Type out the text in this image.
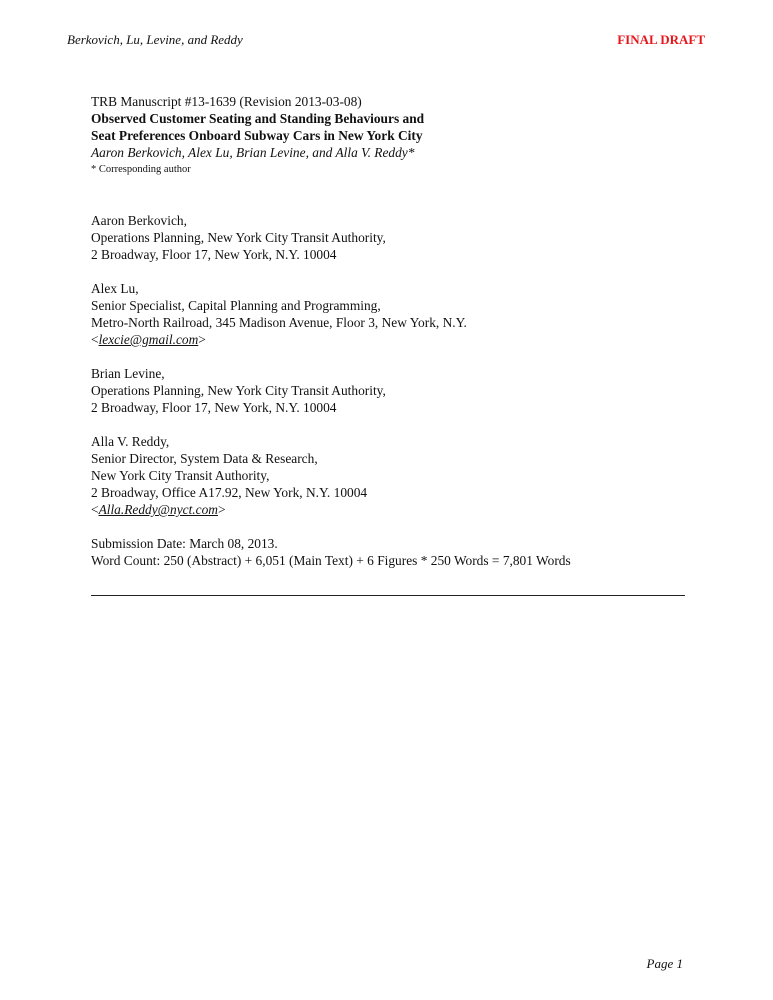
Berkovich, Lu, Levine, and Reddy	FINAL DRAFT
TRB Manuscript #13-1639 (Revision 2013-03-08)
Observed Customer Seating and Standing Behaviours and
Seat Preferences Onboard Subway Cars in New York City
Aaron Berkovich, Alex Lu, Brian Levine, and Alla V. Reddy*
* Corresponding author
Aaron Berkovich,
Operations Planning, New York City Transit Authority,
2 Broadway, Floor 17, New York, N.Y. 10004
Alex Lu,
Senior Specialist, Capital Planning and Programming,
Metro-North Railroad, 345 Madison Avenue, Floor 3, New York, N.Y.
<lexcie@gmail.com>
Brian Levine,
Operations Planning, New York City Transit Authority,
2 Broadway, Floor 17, New York, N.Y. 10004
Alla V. Reddy,
Senior Director, System Data & Research,
New York City Transit Authority,
2 Broadway, Office A17.92, New York, N.Y. 10004
<Alla.Reddy@nyct.com>
Submission Date: March 08, 2013.
Word Count: 250 (Abstract) + 6,051 (Main Text) + 6 Figures * 250 Words = 7,801 Words
Page 1
